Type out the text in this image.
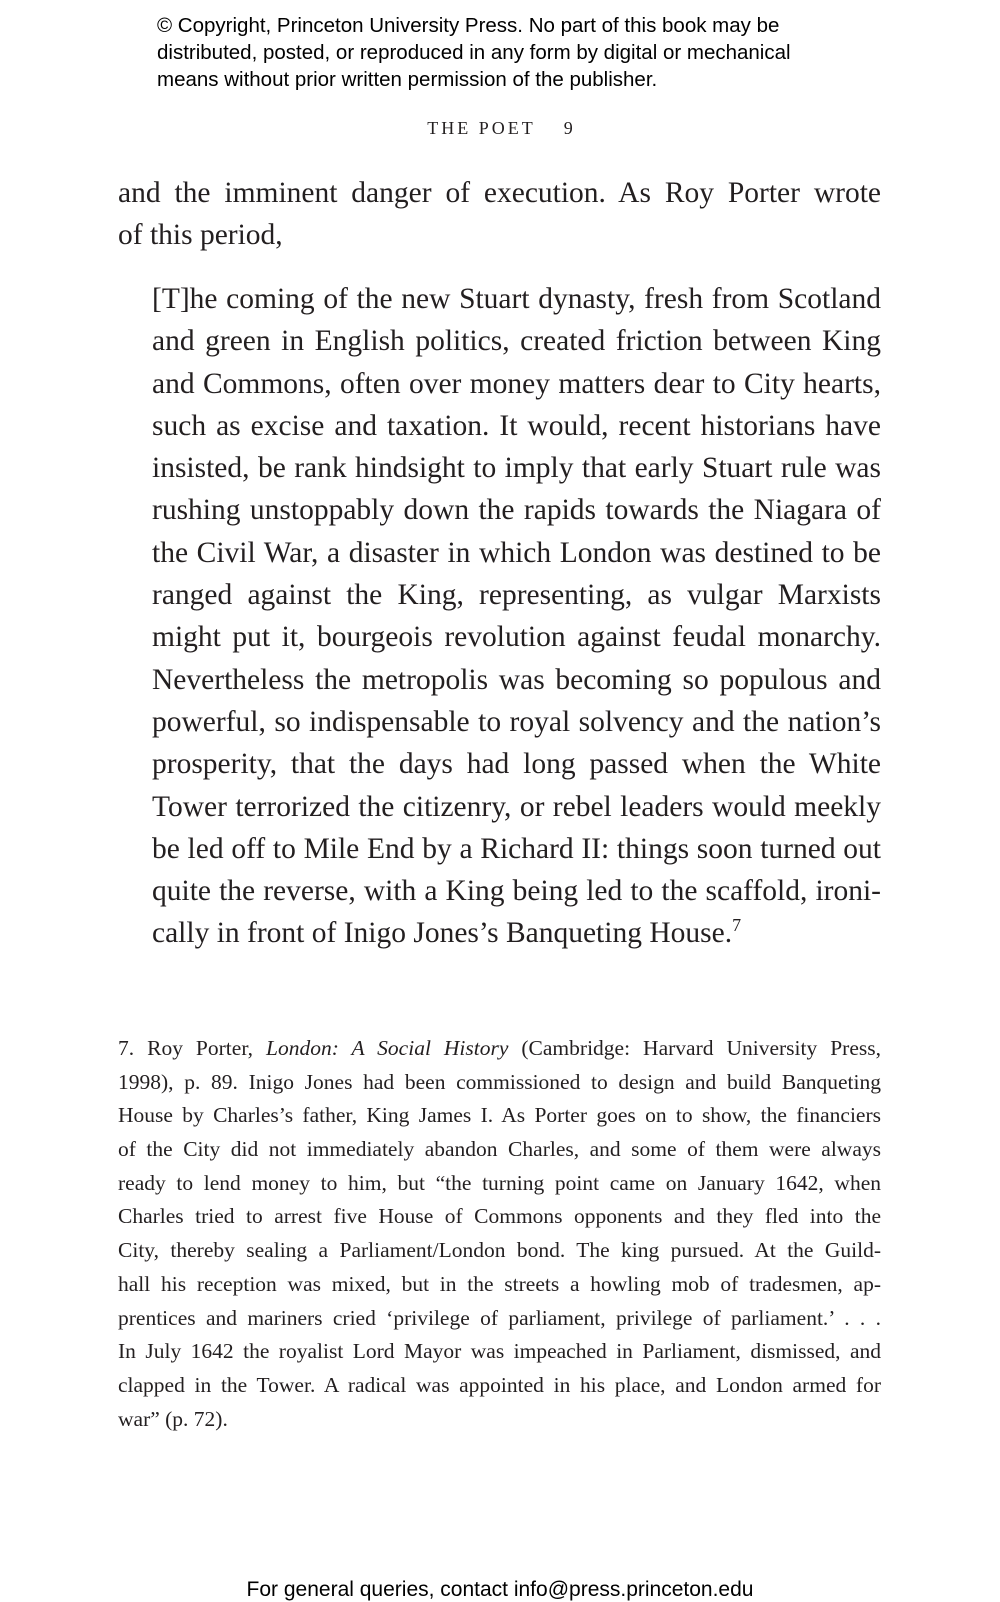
© Copyright, Princeton University Press. No part of this book may be
distributed, posted, or reproduced in any form by digital or mechanical
means without prior written permission of the publisher.
THE POET 9
and the imminent danger of execution. As Roy Porter wrote
of this period,
[T]he coming of the new Stuart dynasty, fresh from Scotland
and green in English politics, created friction between King
and Commons, often over money matters dear to City hearts,
such as excise and taxation. It would, recent historians have
insisted, be rank hindsight to imply that early Stuart rule was
rushing unstoppably down the rapids towards the Niagara of
the Civil War, a disaster in which London was destined to be
ranged against the King, representing, as vulgar Marxists
might put it, bourgeois revolution against feudal monarchy.
Nevertheless the metropolis was becoming so populous and
powerful, so indispensable to royal solvency and the nation’s
prosperity, that the days had long passed when the White
Tower terrorized the citizenry, or rebel leaders would meekly
be led off to Mile End by a Richard II: things soon turned out
quite the reverse, with a King being led to the scaffold, ironi-
cally in front of Inigo Jones’s Banqueting House.$^7$
7. Roy Porter, London: A Social History (Cambridge: Harvard University Press,
1998), p. 89. Inigo Jones had been commissioned to design and build Banqueting
House by Charles’s father, King James I. As Porter goes on to show, the financiers
of the City did not immediately abandon Charles, and some of them were always
ready to lend money to him, but “the turning point came on January 1642, when
Charles tried to arrest five House of Commons opponents and they fled into the
City, thereby sealing a Parliament/London bond. The king pursued. At the Guild-
hall his reception was mixed, but in the streets a howling mob of tradesmen, ap-
prentices and mariners cried ‘privilege of parliament, privilege of parliament.’ . . .
In July 1642 the royalist Lord Mayor was impeached in Parliament, dismissed, and
clapped in the Tower. A radical was appointed in his place, and London armed for
war” (p. 72).
For general queries, contact info@press.princeton.edu
